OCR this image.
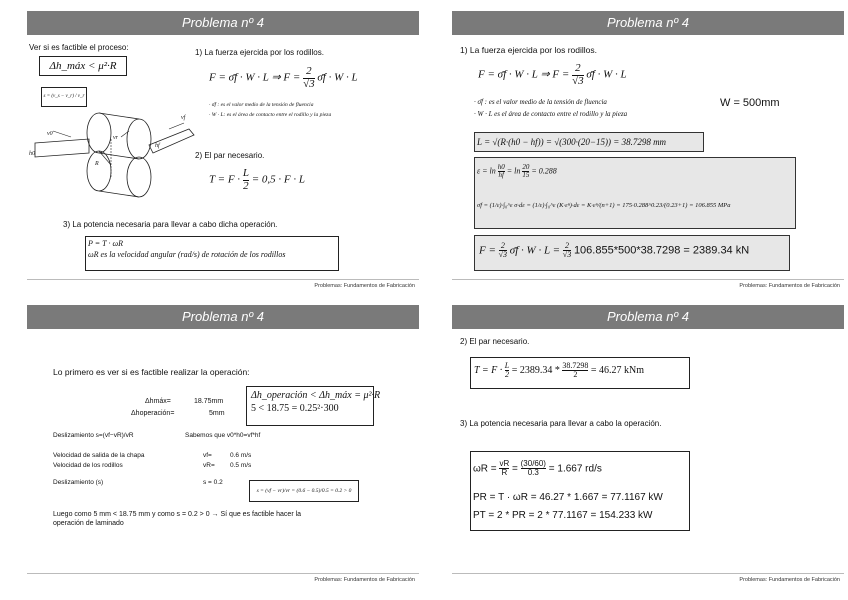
Problema nº 4
Ver si es factible el proceso:
Δh_máx < μ²·R
s = (v_s − v_r) / v_r
v0
h0
vr
R
hf
vf
1) La fuerza ejercida por los rodillos.
F = σ̄f · W · L ⇒ $F = \frac{2}{√3}$ σ̄f · W · L
· σ̄f : es el valor medio de la tensión de fluencia
· W · L: es el área de contacto entre el rodillo y la pieza
2) El par necesario.
$T = F \cdot \frac{L}{2} = 0,5 \cdot F \cdot L$
3) La potencia necesaria para llevar a cabo dicha operación.
P = T · ωR
ωR es la velocidad angular (rad/s) de rotación de los rodillos
Problemas: Fundamentos de Fabricación
Problema nº 4
1) La fuerza ejercida por los rodillos.
F = σ̄f · W · L ⇒ $F = \frac{2}{√3}$ σ̄f · W · L
· σ̄f : es el valor medio de la tensión de fluencia
· W · L es el área de contacto entre el rodillo y la pieza
W = 500mm
L = √(R·(h0 − hf)) = √(300·(20−15)) = 38.7298 mm
$\varepsilon = \ln \frac{h0}{hf} = \ln \frac{20}{15} = 0.288$
σ̄f = (1/ε)·∫₀^ε σ·dε = (1/ε)·∫₀^ε (K·εⁿ)·dε = K·εⁿ/(n+1) = 175·0.288^0.23/(0.23+1) = 106.855 MPa
$F = \frac{2}{√3}$ σ̄f · $W \cdot L = \frac{2}{√3} 106.855*500*38.7298 = 2389.34$ kN
Problemas: Fundamentos de Fabricación
Problema nº 4
Lo primero es ver si es factible realizar la operación:
Δhmáx=	18.75mm
Δhoperación=	5mm
Δh_operación < Δh_máx = μ²·R
5 < 18.75 = 0.25²·300
Deslizamiento s=(vf−vR)/vR	Sabemos que v0*h0=vf*hf
Velocidad de salida de la chapa	vf=	0.6 m/s
Velocidad de los rodillos	vR= 0.5 m/s
Deslizamiento (s)	s = 0.2
s = (vf − vr)/vr = (0.6 − 0.5)/0.5 = 0.2 > 0
Luego como 5 mm < 18.75 mm y como s = 0.2 > 0 → Sí que es factible hacer la
operación de laminado
Problemas: Fundamentos de Fabricación
Problema nº 4
2) El par necesario.
$T = F \cdot \frac{L}{2} = 2389.34 * \frac{38.7298}{2} = 46.27$ kNm
3) La potencia necesaria para llevar a cabo la operación.
$\omega R = \frac{vR}{R} = \frac{(30/60)}{0.3} = 1.667$ rd/s
PR = T · ωR = 46.27 * 1.667 = 77.1167 kW
PT = 2 * PR = 2 * 77.1167 = 154.233 kW
Problemas: Fundamentos de Fabricación
